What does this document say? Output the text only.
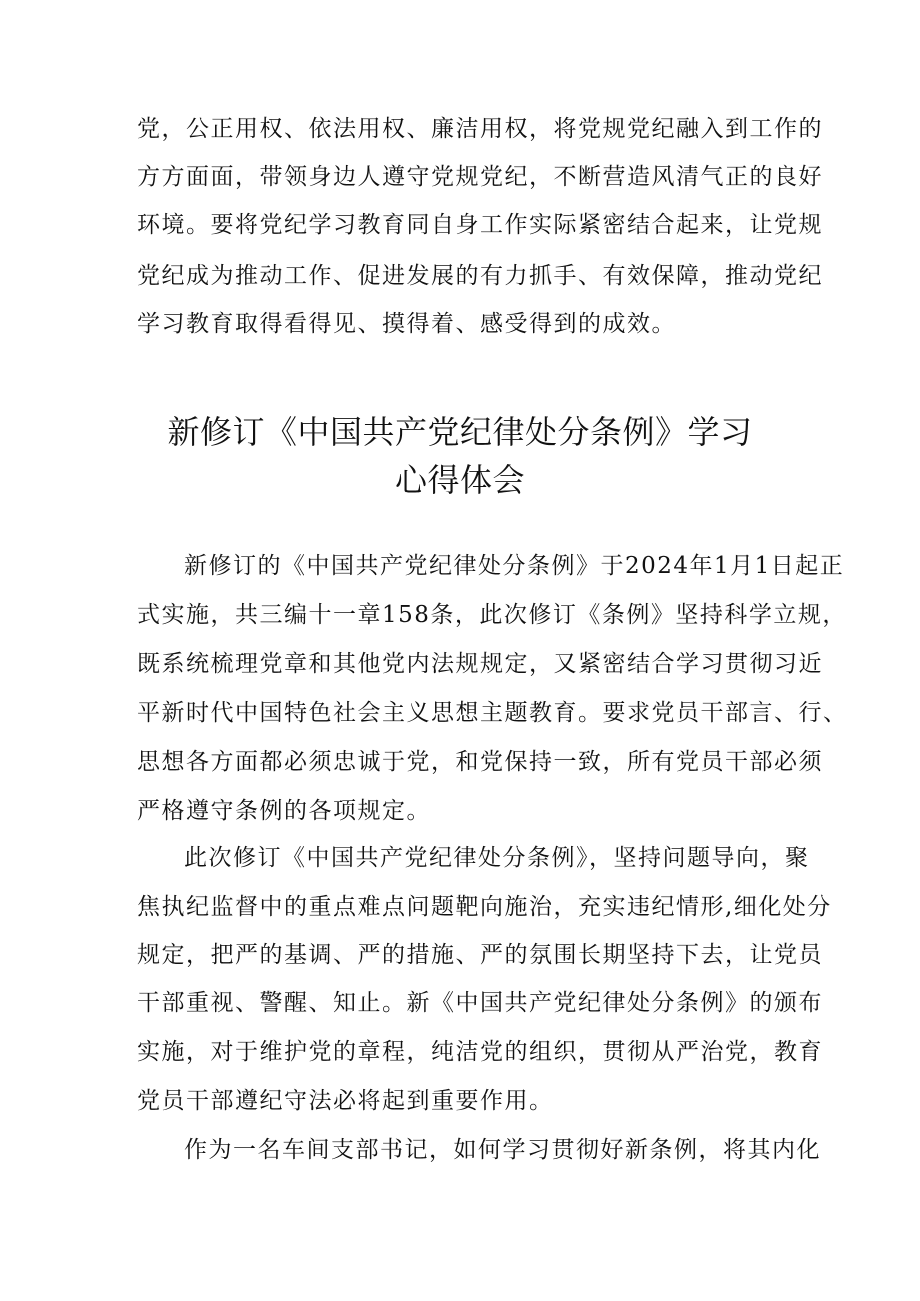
党，公正用权、依法用权、廉洁用权，将党规党纪融入到工作的
方方面面，带领身边人遵守党规党纪，不断营造风清气正的良好
环境。要将党纪学习教育同自身工作实际紧密结合起来，让党规
党纪成为推动工作、促进发展的有力抓手、有效保障，推动党纪
学习教育取得看得见、摸得着、感受得到的成效。
新修订《中国共产党纪律处分条例》学习
心得体会
新修订的《中国共产党纪律处分条例》于2024年1月1日起正
式实施，共三编十一章158条，此次修订《条例》坚持科学立规，
既系统梳理党章和其他党内法规规定，又紧密结合学习贯彻习近
平新时代中国特色社会主义思想主题教育。要求党员干部言、行、
思想各方面都必须忠诚于党，和党保持一致，所有党员干部必须
严格遵守条例的各项规定。
此次修订《中国共产党纪律处分条例》，坚持问题导向，聚
焦执纪监督中的重点难点问题靶向施治，充实违纪情形,细化处分
规定，把严的基调、严的措施、严的氛围长期坚持下去，让党员
干部重视、警醒、知止。新《中国共产党纪律处分条例》的颁布
实施，对于维护党的章程，纯洁党的组织，贯彻从严治党，教育
党员干部遵纪守法必将起到重要作用。
作为一名车间支部书记，如何学习贯彻好新条例，将其内化
